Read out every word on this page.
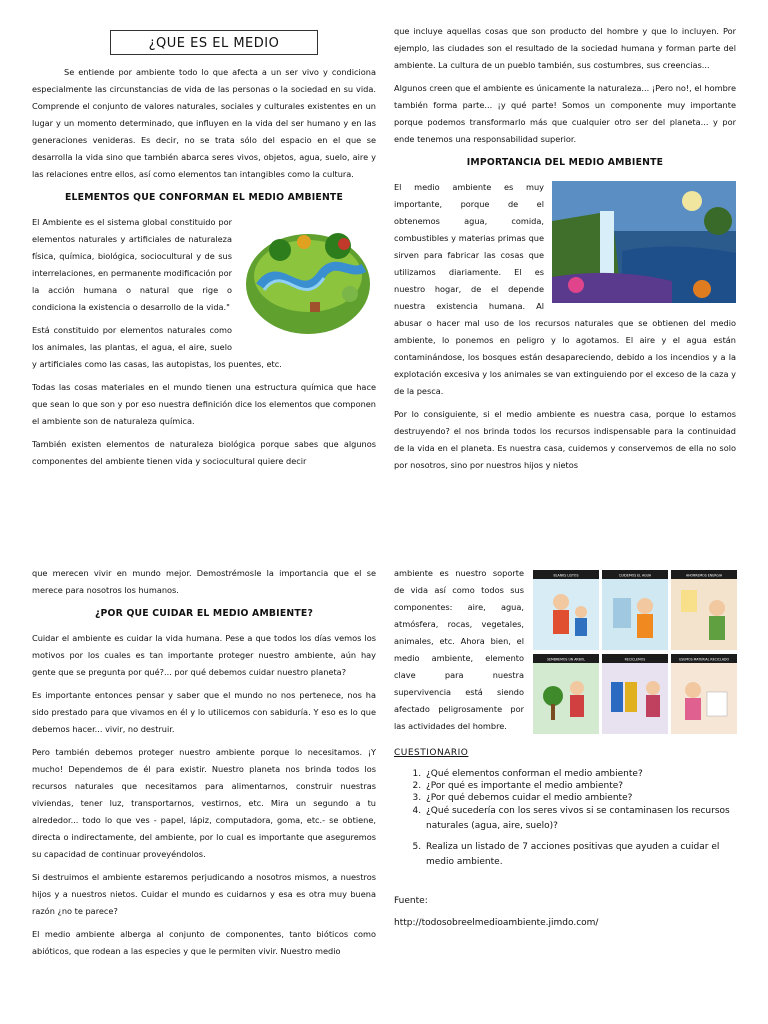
¿QUE ES EL MEDIO

Se entiende por ambiente todo lo que afecta a un ser vivo y condiciona especialmente las circunstancias de vida de las personas o la sociedad en su vida. Comprende el conjunto de valores naturales, sociales y culturales existentes en un lugar y un momento determinado, que influyen en la vida del ser humano y en las generaciones venideras. Es decir, no se trata sólo del espacio en el que se desarrolla la vida sino que también abarca seres vivos, objetos, agua, suelo, aire y las relaciones entre ellos, así como elementos tan intangibles como la cultura.

ELEMENTOS QUE CONFORMAN EL MEDIO AMBIENTE

El Ambiente es el sistema global constituido por elementos naturales y artificiales de naturaleza física, química, biológica, sociocultural y de sus interrelaciones, en permanente modificación por la acción humana o natural que rige o condiciona la existencia o desarrollo de la vida."

Está constituido por elementos naturales como los animales, las plantas, el agua, el aire, suelo y artificiales como las casas, las autopistas, los puentes, etc.

Todas las cosas materiales en el mundo tienen una estructura química que hace que sean lo que son y por eso nuestra definición dice los elementos que componen el ambiente son de naturaleza química.

También existen elementos de naturaleza biológica porque sabes que algunos componentes del ambiente tienen vida y sociocultural quiere decir

que incluye aquellas cosas que son producto del hombre y que lo incluyen. Por ejemplo, las ciudades son el resultado de la sociedad humana y forman parte del ambiente. La cultura de un pueblo también, sus costumbres, sus creencias...

Algunos creen que el ambiente es únicamente la naturaleza... ¡Pero no!, el hombre también forma parte... ¡y qué parte! Somos un componente muy importante porque podemos transformarlo más que cualquier otro ser del planeta... y por ende tenemos una responsabilidad superior.

IMPORTANCIA DEL MEDIO AMBIENTE

El medio ambiente es muy importante, porque de el obtenemos agua, comida, combustibles y materias primas que sirven para fabricar las cosas que utilizamos diariamente. El es nuestro hogar, de el depende nuestra existencia humana. Al abusar o hacer mal uso de los recursos naturales que se obtienen del medio ambiente, lo ponemos en peligro y lo agotamos. El aire y el agua están contaminándose, los bosques están desapareciendo, debido a los incendios y a la explotación excesiva y los animales se van extinguiendo por el exceso de la caza y de la pesca.

Por lo consiguiente, si el medio ambiente es nuestra casa, porque lo estamos destruyendo? el nos brinda todos los recursos indispensable para la continuidad de la vida en el planeta. Es nuestra casa, cuidemos y conservemos de ella no solo por nosotros, sino por nuestros hijos y nietos

que merecen vivir en mundo mejor. Demostrémosle la importancia que el se merece para nosotros los humanos.

¿POR QUE CUIDAR EL MEDIO AMBIENTE?

Cuidar el ambiente es cuidar la vida humana. Pese a que todos los días vemos los motivos por los cuales es tan importante proteger nuestro ambiente, aún hay gente que se pregunta por qué?... por qué debemos cuidar nuestro planeta?

Es importante entonces pensar y saber que el mundo no nos pertenece, nos ha sido prestado para que vivamos en él y lo utilicemos con sabiduría. Y eso es lo que debemos hacer... vivir, no destruir.

Pero también debemos proteger nuestro ambiente porque lo necesitamos. ¡Y mucho! Dependemos de él para existir. Nuestro planeta nos brinda todos los recursos naturales que necesitamos para alimentarnos, construir nuestras viviendas, tener luz, transportarnos, vestirnos, etc. Mira un segundo a tu alrededor... todo lo que ves - papel, lápiz, computadora, goma, etc.- se obtiene, directa o indirectamente, del ambiente, por lo cual es importante que aseguremos su capacidad de continuar proveyéndolos.

Si destruimos el ambiente estaremos perjudicando a nosotros mismos, a nuestros hijos y a nuestros nietos. Cuidar el mundo es cuidarnos y esa es otra muy buena razón ¿no te parece?

El medio ambiente alberga al conjunto de componentes, tanto bióticos como abióticos, que rodean a las especies y que le permiten vivir. Nuestro medio

ambiente es nuestro soporte de vida así como todos sus componentes: aire, agua, atmósfera, rocas, vegetales, animales, etc. Ahora bien, el medio ambiente, elemento clave para nuestra supervivencia está siendo afectado peligrosamente por las actividades del hombre.

BLANKS LISTOS	CUIDEMOS EL AGUA	AHORREMOS ENERGIA
SEMBREMOS UN ARBOL	RECICLEMOS	USEMOS MATERIAL RECICLADO

CUESTIONARIO

1. ¿Qué elementos conforman el medio ambiente?
2. ¿Por qué es importante el medio ambiente?
3. ¿Por qué debemos cuidar el medio ambiente?
4. ¿Qué sucedería con los seres vivos si se contaminasen los recursos naturales (agua, aire, suelo)?
5. Realiza un listado de 7 acciones positivas que ayuden a cuidar el medio ambiente.
Fuente:
http://todosobreelmedioambiente.jimdo.com/
